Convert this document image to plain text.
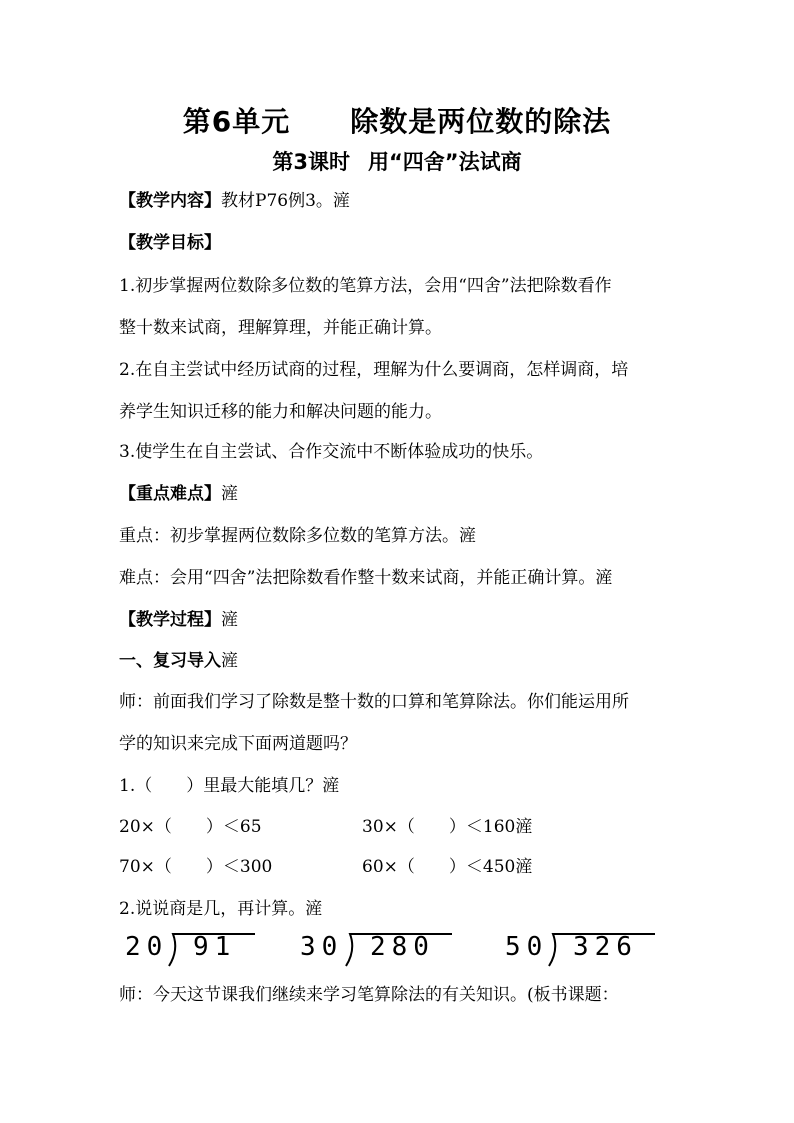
第6单元 除数是两位数的除法
第3课时 用“四舍”法试商
【教学内容】教材P76例3。滻
【教学目标】
1.初步掌握两位数除多位数的笔算方法，会用“四舍”法把除数看作
整十数来试商，理解算理，并能正确计算。
2.在自主尝试中经历试商的过程，理解为什么要调商，怎样调商，培
养学生知识迁移的能力和解决问题的能力。
3.使学生在自主尝试、合作交流中不断体验成功的快乐。
【重点难点】滻
重点：初步掌握两位数除多位数的笔算方法。滻
难点：会用“四舍”法把除数看作整十数来试商，并能正确计算。滻
【教学过程】滻
一、复习导入滻
师：前面我们学习了除数是整十数的口算和笔算除法。你们能运用所
学的知识来完成下面两道题吗？
1.（　　）里最大能填几？滻
20×（　　）＜65	30×（　　）＜160滻
70×（　　）＜300	60×（　　）＜450滻
2.说说商是几，再计算。滻
20 91 30 280	50 326
师：今天这节课我们继续来学习笔算除法的有关知识。(板书课题：
